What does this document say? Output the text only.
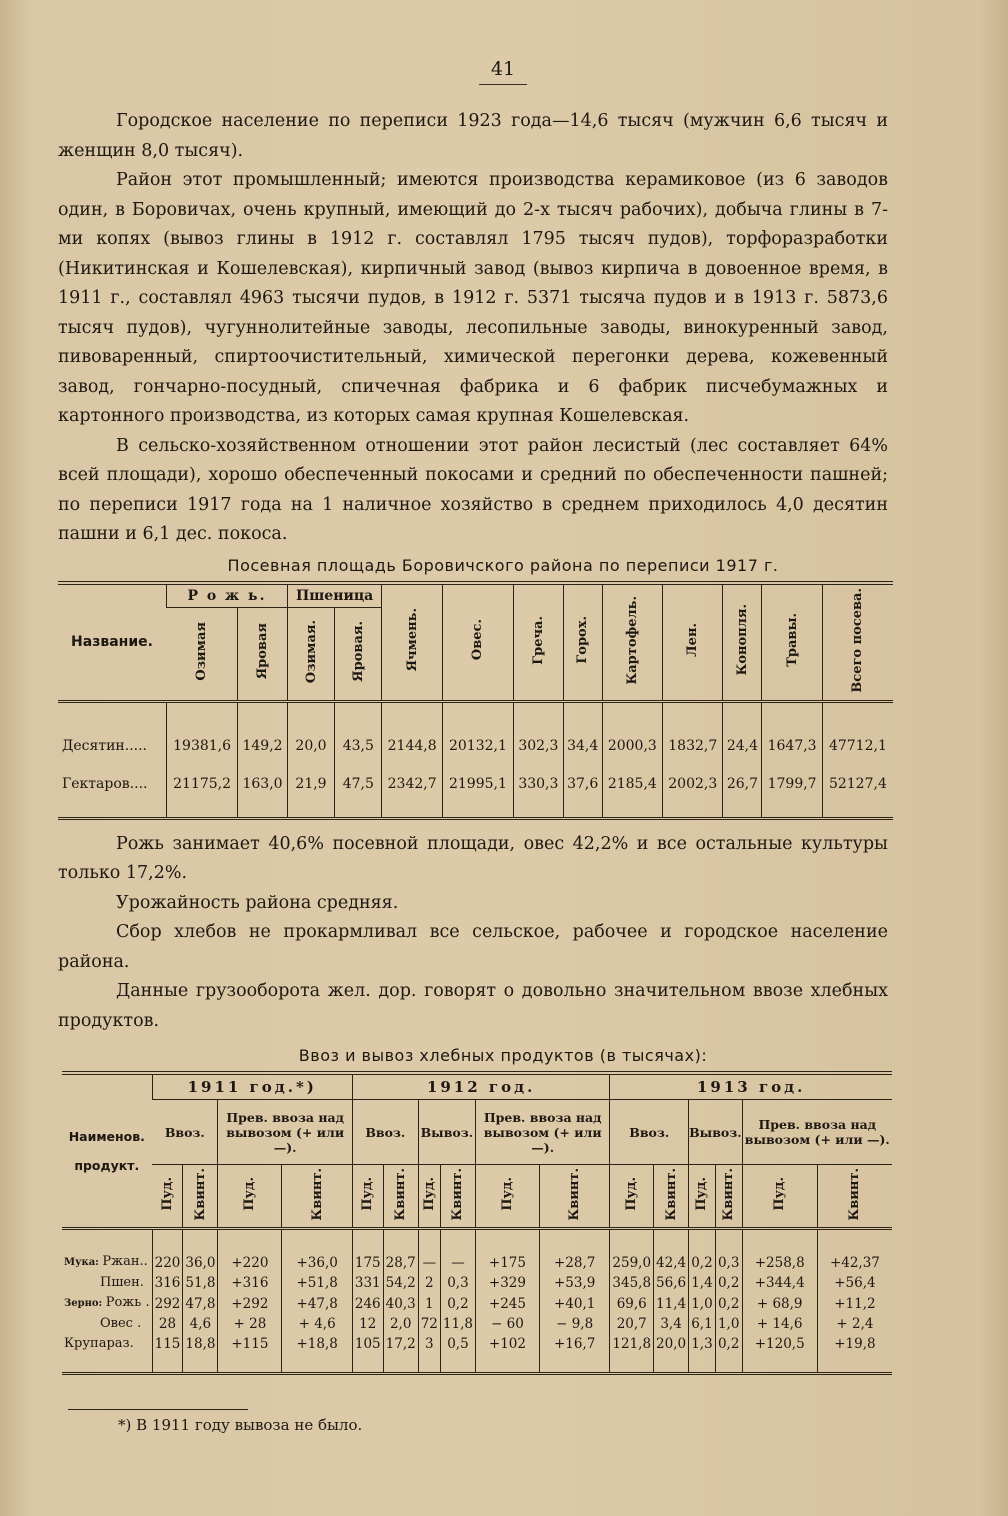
41

Городское население по переписи 1923 года—14,6 тысяч (мужчин 6,6 тысяч и женщин 8,0 тысяч).

Район этот промышленный; имеются производства керамиковое (из 6 заводов один, в Боровичах, очень крупный, имеющий до 2-х тысяч рабочих), добыча глины в 7-ми копях (вывоз глины в 1912 г. составлял 1795 тысяч пудов), торфоразработки (Никитинская и Кошелевская), кирпичный завод (вывоз кирпича в довоенное время, в 1911 г., составлял 4963 тысячи пудов, в 1912 г. 5371 тысяча пудов и в 1913 г. 5873,6 тысяч пудов), чугуннолитейные заводы, лесопильные заводы, винокуренный завод, пивоваренный, спиртоочистительный, химической перегонки дерева, кожевенный завод, гончарно-посудный, спичечная фабрика и 6 фабрик писчебумажных и картонного производства, из которых самая крупная Кошелевская.

В сельско-хозяйственном отношении этот район лесистый (лес составляет 64% всей площади), хорошо обеспеченный покосами и средний по обеспеченности пашней; по переписи 1917 года на 1 наличное хозяйство в среднем приходилось 4,0 десятин пашни и 6,1 дес. покоса.

Посевная площадь Боровичского района по переписи 1917 г.
Название.	Р о ж ь.		Пшеница		Ячмень.	Овес.	Греча.	Горох.	Картофель.	Лен.	Конопля.	Травы.	Всего посева.
	Озимая	Яровая	Озимая.	Яровая.									

Десятин.....	19381,6	149,2	20,0	43,5	2144,8	20132,1	302,3	34,4	2000,3	1832,7	24,4	1647,3	47712,1
Гектаров....	21175,2	163,0	21,9	47,5	2342,7	21995,1	330,3	37,6	2185,4	2002,3	26,7	1799,7	52127,4

Рожь занимает 40,6% посевной площади, овес 42,2% и все остальные культуры только 17,2%.

Урожайность района средняя.

Сбор хлебов не прокармливал все сельское, рабочее и городское население района.

Данные грузооборота жел. дор. говорят о довольно значительном ввозе хлебных продуктов.

Ввоз и вывоз хлебных продуктов (в тысячах):
Наименов.
продукт.	1911 год.*)				1912 год.						1913 год.					
	Ввоз.		Прев. ввоза над вывозом (+ или —).		Ввоз.		Вывоз.		Прев. ввоза над вывозом (+ или —).		Ввоз.		Вывоз.		Прев. ввоза над вывозом (+ или —).	
	Пуд.	Квинт.	Пуд.	Квинт.	Пуд.	Квинт.	Пуд.	Квинт.	Пуд.	Квинт.	Пуд.	Квинт.	Пуд.	Квинт.	Пуд.	Квинт.

Мука: Ржан..	220	36,0	+220	+36,0	175	28,7	—	—	+175	+28,7	259,0	42,4	0,2	0,3	+258,8	+42,37
Пшен.	316	51,8	+316	+51,8	331	54,2	2	0,3	+329	+53,9	345,8	56,6	1,4	0,2	+344,4	+56,4
Зерно: Рожь .	292	47,8	+292	+47,8	246	40,3	1	0,2	+245	+40,1	69,6	11,4	1,0	0,2	+ 68,9	+11,2
Овес .	28	4,6	+ 28	+ 4,6	12	2,0	72	11,8	− 60	− 9,8	20,7	3,4	6,1	1,0	+ 14,6	+ 2,4
Крупараз.	115	18,8	+115	+18,8	105	17,2	3	0,5	+102	+16,7	121,8	20,0	1,3	0,2	+120,5	+19,8

*) В 1911 году вывоза не было.
